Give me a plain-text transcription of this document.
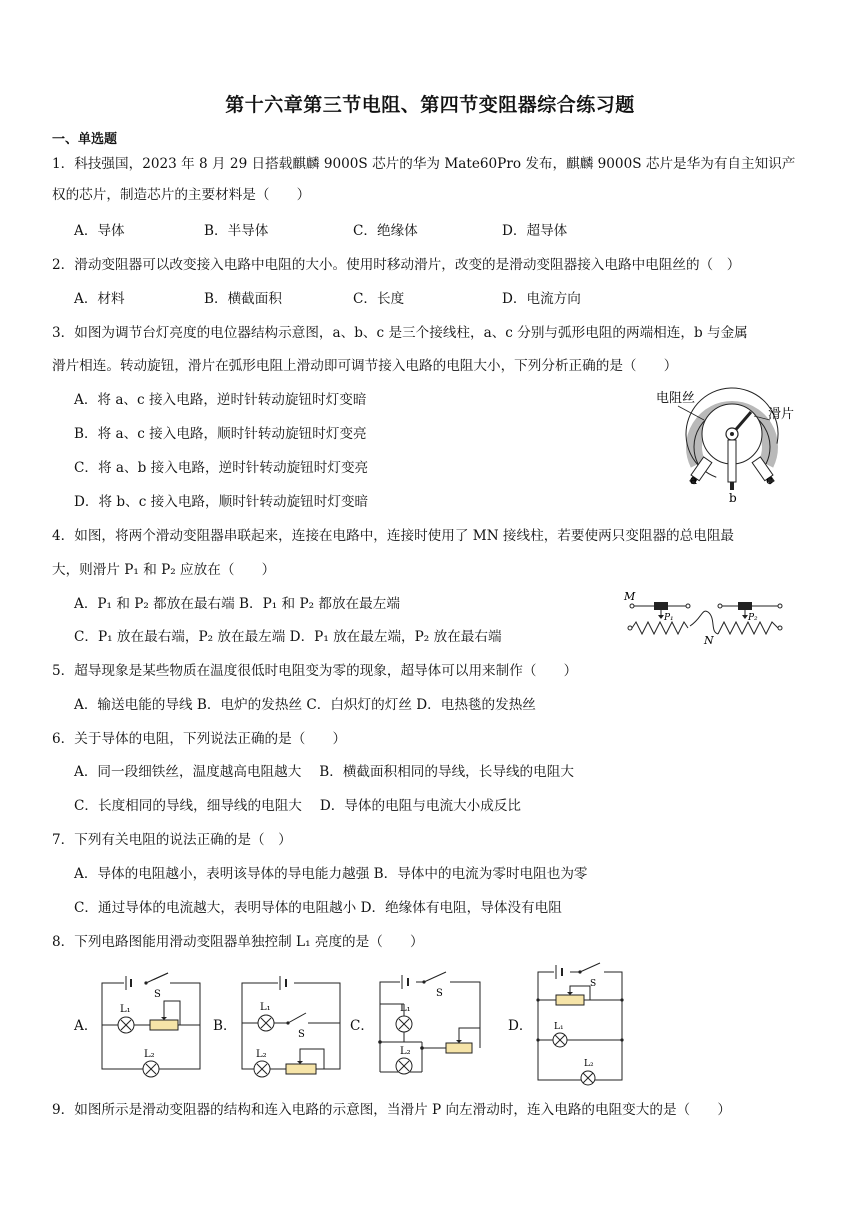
第十六章第三节电阻、第四节变阻器综合练习题
一、单选题
1．科技强国，2023 年 8 月 29 日搭载麒麟 9000S 芯片的华为 Mate60Pro 发布，麒麟 9000S 芯片是华为有自主知识产
权的芯片，制造芯片的主要材料是（　　）
A．导体	B．半导体	C．绝缘体	D．超导体
2．滑动变阻器可以改变接入电路中电阻的大小。使用时移动滑片，改变的是滑动变阻器接入电路中电阻丝的（　）
A．材料	B．横截面积	C．长度	D．电流方向
3．如图为调节台灯亮度的电位器结构示意图，a、b、c 是三个接线柱，a、c 分别与弧形电阻的两端相连，b 与金属
滑片相连。转动旋钮，滑片在弧形电阻上滑动即可调节接入电路的电阻大小，下列分析正确的是（　　）
A．将 a、c 接入电路，逆时针转动旋钮时灯变暗
B．将 a、c 接入电路，顺时针转动旋钮时灯变亮
C．将 a、b 接入电路，逆时针转动旋钮时灯变亮
D．将 b、c 接入电路，顺时针转动旋钮时灯变暗
电阻丝
滑片
a
b
c
4．如图，将两个滑动变阻器串联起来，连接在电路中，连接时使用了 MN 接线柱，若要使两只变阻器的总电阻最
大，则滑片 P₁ 和 P₂ 应放在（　　）
A．P₁ 和 P₂ 都放在最右端 B．P₁ 和 P₂ 都放在最左端
C．P₁ 放在最右端，P₂ 放在最左端 D．P₁ 放在最左端，P₂ 放在最右端
M
P₁	P₂
N
5．超导现象是某些物质在温度很低时电阻变为零的现象，超导体可以用来制作（　　）
A．输送电能的导线 B．电炉的发热丝 C．白炽灯的灯丝 D．电热毯的发热丝
6．关于导体的电阻，下列说法正确的是（　　）
A．同一段细铁丝，温度越高电阻越大　 B．横截面积相同的导线，长导线的电阻大
C．长度相同的导线，细导线的电阻大　 D．导体的电阻与电流大小成反比
7．下列有关电阻的说法正确的是（　）
A．导体的电阻越小，表明该导体的导电能力越强 B．导体中的电流为零时电阻也为零
C．通过导体的电流越大，表明导体的电阻越小 D．绝缘体有电阻，导体没有电阻
8．下列电路图能用滑动变阻器单独控制 L₁ 亮度的是（　　）
A．	B．	C．	D．
S
L₁
L₂
L₁
S
L₂
S
L₁
L₂
S
L₁
L₂
9．如图所示是滑动变阻器的结构和连入电路的示意图，当滑片 P 向左滑动时，连入电路的电阻变大的是（　　）
